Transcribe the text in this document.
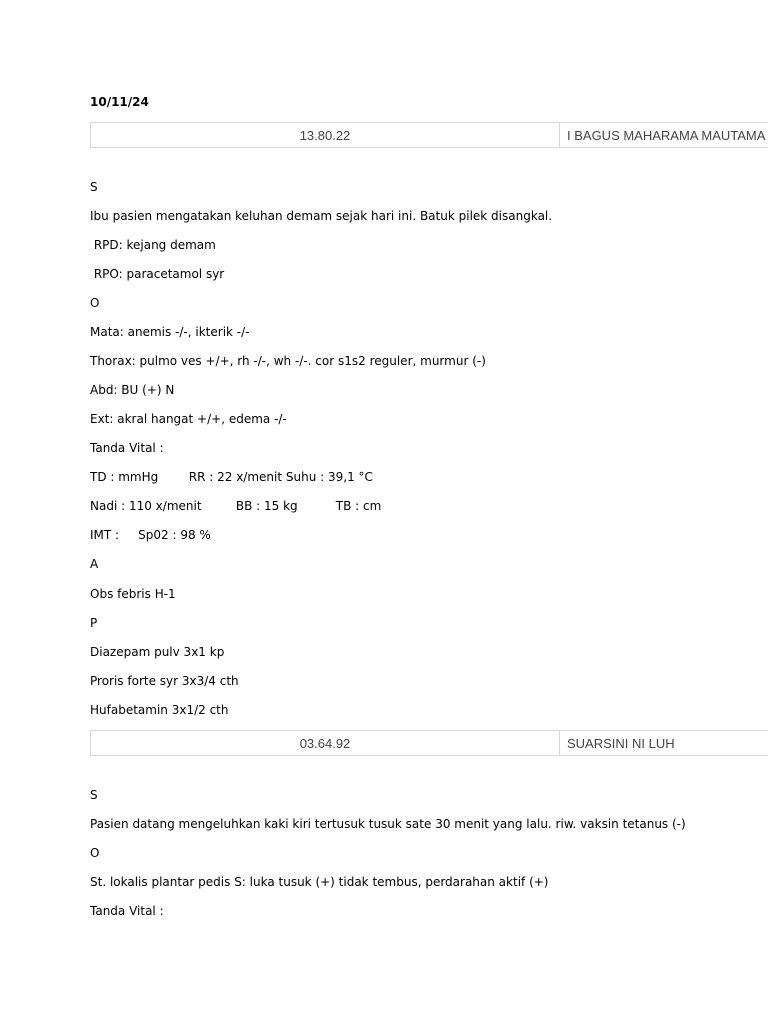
10/11/24
13.80.22	I BAGUS MAHARAMA MAUTAMA
S
Ibu pasien mengatakan keluhan demam sejak hari ini. Batuk pilek disangkal.
RPD: kejang demam
RPO: paracetamol syr
O
Mata: anemis -/-, ikterik -/-
Thorax: pulmo ves +/+, rh -/-, wh -/-. cor s1s2 reguler, murmur (-)
Abd: BU (+) N
Ext: akral hangat +/+, edema -/-
Tanda Vital :
TD : mmHg        RR : 22 x/menit Suhu : 39,1 °C
Nadi : 110 x/menit         BB : 15 kg          TB : cm
IMT :     Sp02 : 98 %
A
Obs febris H-1
P
Diazepam pulv 3x1 kp
Proris forte syr 3x3/4 cth
Hufabetamin 3x1/2 cth
03.64.92	SUARSINI NI LUH
S
Pasien datang mengeluhkan kaki kiri tertusuk tusuk sate 30 menit yang lalu. riw. vaksin tetanus (-)
O
St. lokalis plantar pedis S: luka tusuk (+) tidak tembus, perdarahan aktif (+)
Tanda Vital :
